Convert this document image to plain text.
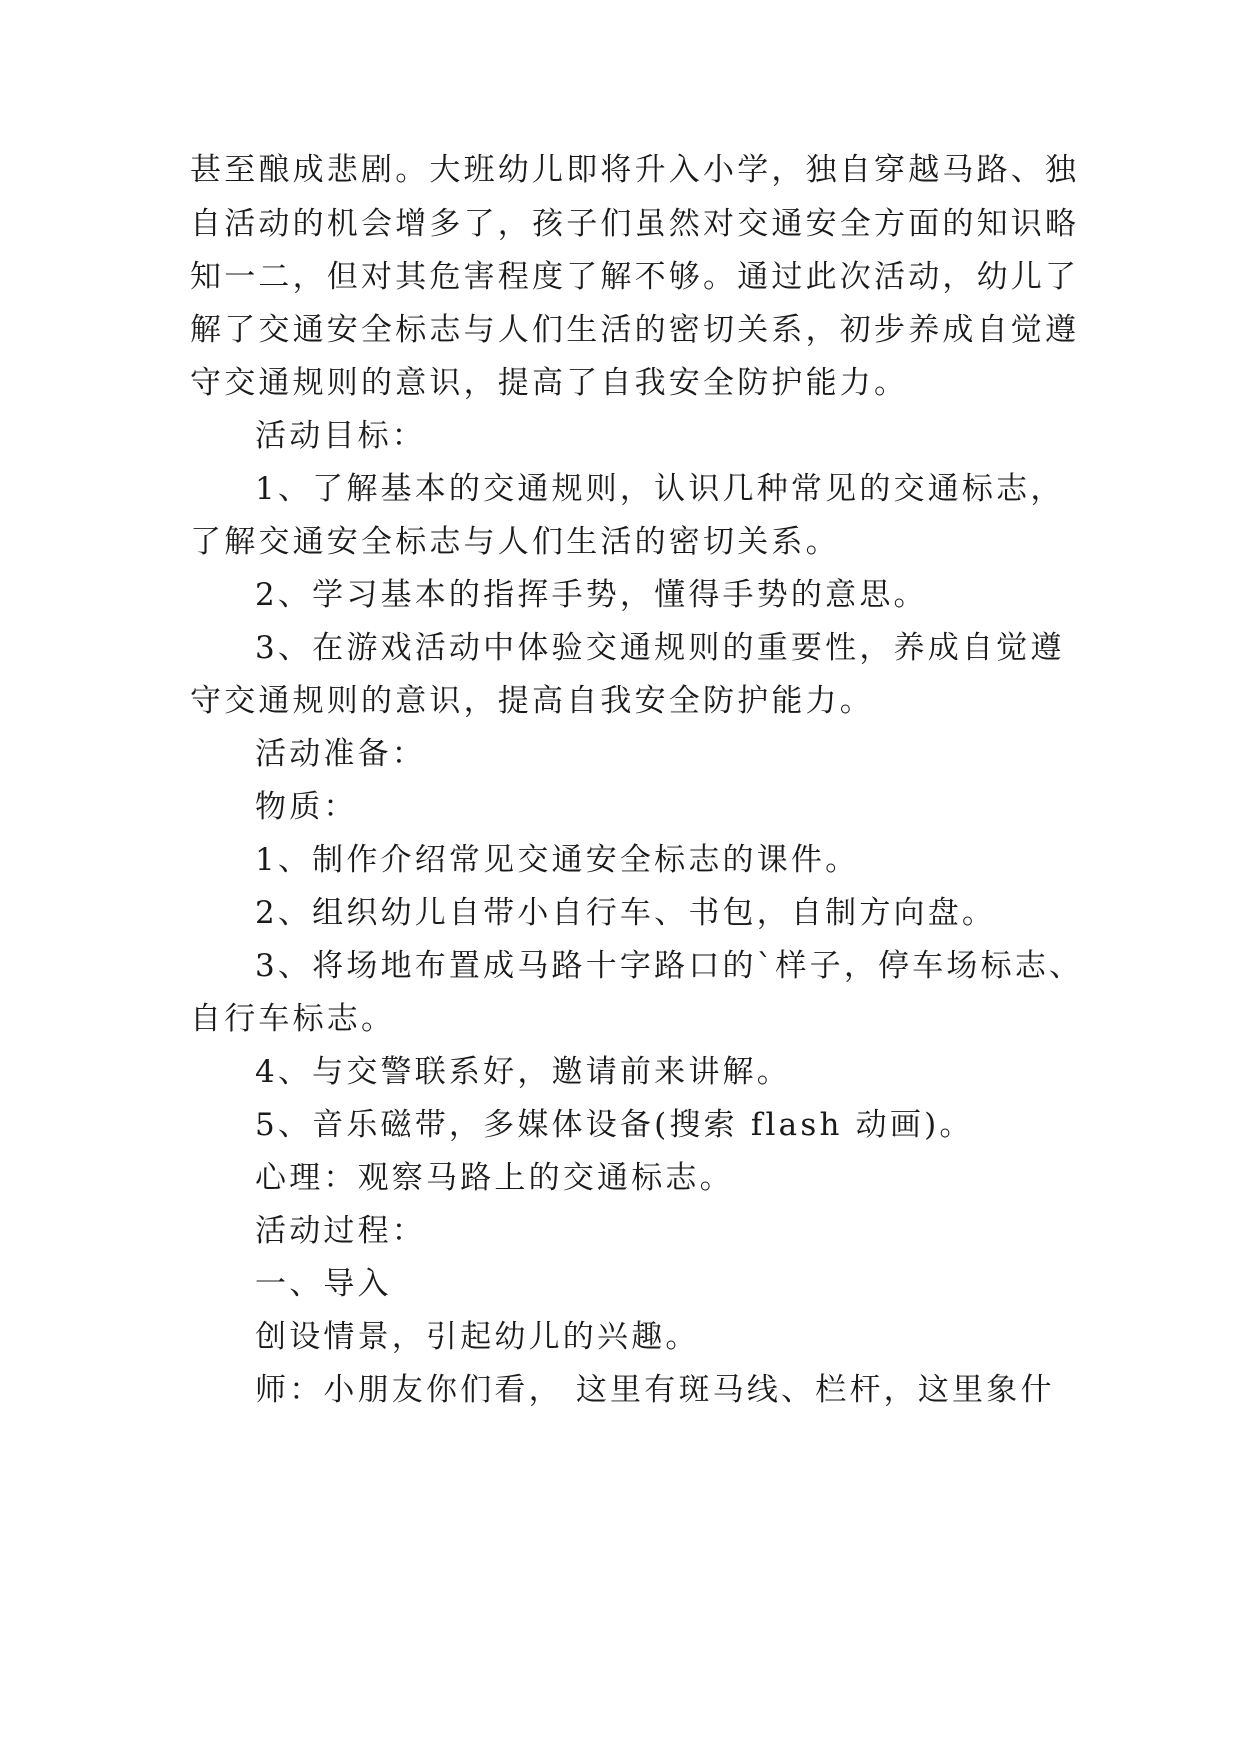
甚至酿成悲剧。大班幼儿即将升入小学，独自穿越马路、独
自活动的机会增多了，孩子们虽然对交通安全方面的知识略
知一二，但对其危害程度了解不够。通过此次活动，幼儿了
解了交通安全标志与人们生活的密切关系，初步养成自觉遵
守交通规则的意识，提高了自我安全防护能力。
活动目标：
1、了解基本的交通规则，认识几种常见的交通标志，
了解交通安全标志与人们生活的密切关系。
2、学习基本的指挥手势，懂得手势的意思。
3、在游戏活动中体验交通规则的重要性，养成自觉遵
守交通规则的意识，提高自我安全防护能力。
活动准备：
物质：
1、制作介绍常见交通安全标志的课件。
2、组织幼儿自带小自行车、书包，自制方向盘。
3、将场地布置成马路十字路口的`样子，停车场标志、
自行车标志。
4、与交警联系好，邀请前来讲解。
5、音乐磁带，多媒体设备(搜索 flash 动画)。
心理：观察马路上的交通标志。
活动过程：
一、导入
创设情景，引起幼儿的兴趣。
师：小朋友你们看， 这里有斑马线、栏杆，这里象什
